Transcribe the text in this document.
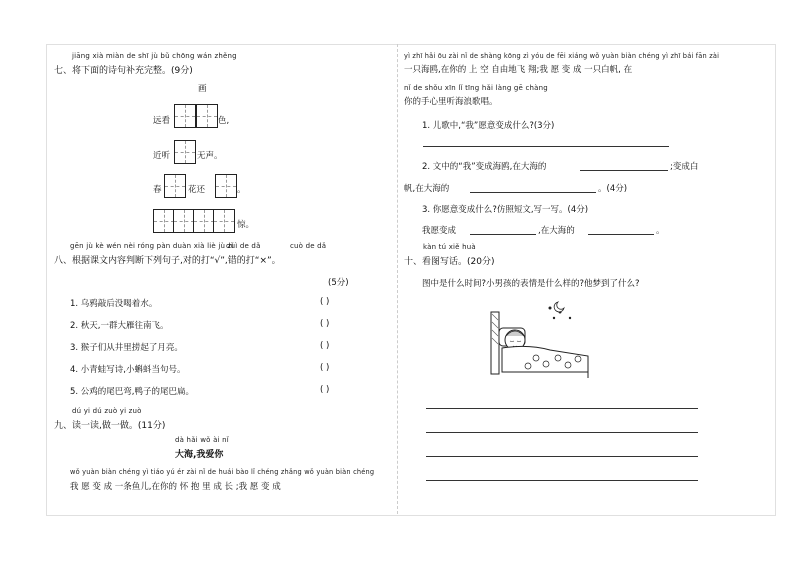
jiāng xià miàn de shī jù bǔ chōng wán zhěng
七、将下面的诗句补充完整。(9分)
画
远看	色,
近听	无声。
春	花还	。
惊。
gēn jù kè wén nèi róng pàn duàn xià liè jù zǐ
duì de dǎ	cuò de dǎ
八、根据课文内容判断下列句子,对的打“√”,错的打“×”。
(5分)
1. 乌鸦敲后没喝着水。	( )
2. 秋天,一群大雁往南飞。	( )
3. 猴子们从井里捞起了月亮。	( )
4. 小青蛙写诗,小蝌蚪当句号。	( )
5. 公鸡的尾巴弯,鸭子的尾巴扁。	( )
dú yi dú zuò yi zuò
九、读一读,做一做。(11分)
dà hǎi wǒ ài nǐ
大海,我爱你
wǒ yuàn biàn chéng yì tiáo yú ér zài nǐ de huái bào lǐ chéng zhǎng wǒ yuàn biàn chéng
我 愿 变 成 一条鱼儿,在你的 怀 抱 里 成 长 ;我 愿 变 成
yì zhī hǎi ōu zài nǐ de shàng kōng zì yóu de fēi xiáng wǒ yuàn biàn chéng yì zhī bái fān zài
一只海鸥,在你的 上 空 自由地飞 翔;我 愿 变 成 一只白帆, 在
nǐ de shǒu xīn lǐ tīng hǎi làng gē chàng
你的手心里听海浪歌唱。
1. 儿歌中,“我”愿意变成什么?(3分)
2. 文中的“我”变成海鸥,在大海的	;变成白
帆,在大海的	。(4分)
3. 你愿意变成什么?仿照短文,写一写。(4分)
我愿变成	,在大海的	。
kàn tú xiě huà
十、看图写话。(20分)
图中是什么时间?小男孩的表情是什么样的?他梦到了什么?
